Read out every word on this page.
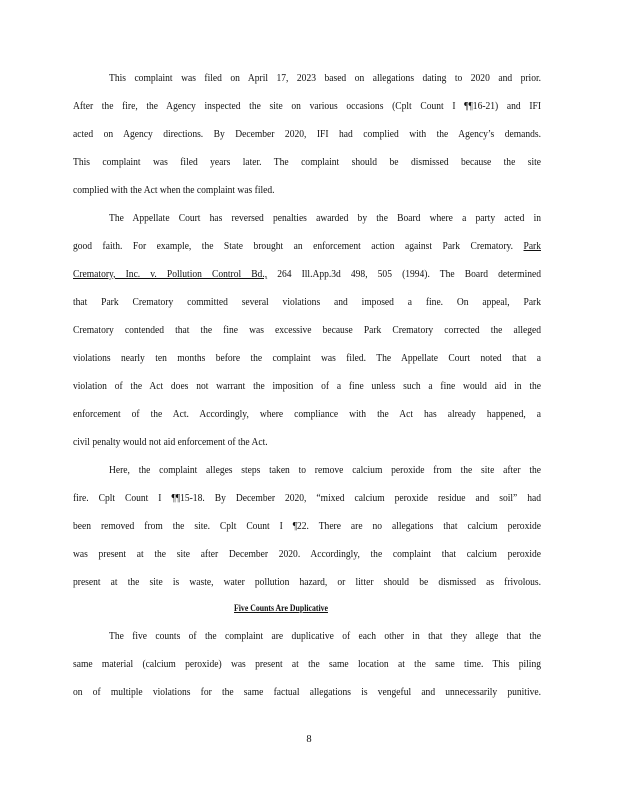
This complaint was filed on April 17, 2023 based on allegations dating to 2020 and prior.
After the fire, the Agency inspected the site on various occasions (Cplt Count I ¶¶16-21) and IFI
acted on Agency directions. By December 2020, IFI had complied with the Agency’s demands.
This complaint was filed years later. The complaint should be dismissed because the site
complied with the Act when the complaint was filed.
The Appellate Court has reversed penalties awarded by the Board where a party acted in
good faith. For example, the State brought an enforcement action against Park Crematory. Park
Crematory, Inc. v. Pollution Control Bd., 264 Ill.App.3d 498, 505 (1994). The Board determined
that Park Crematory committed several violations and imposed a fine. On appeal, Park
Crematory contended that the fine was excessive because Park Crematory corrected the alleged
violations nearly ten months before the complaint was filed. The Appellate Court noted that a
violation of the Act does not warrant the imposition of a fine unless such a fine would aid in the
enforcement of the Act. Accordingly, where compliance with the Act has already happened, a
civil penalty would not aid enforcement of the Act.
Here, the complaint alleges steps taken to remove calcium peroxide from the site after the
fire. Cplt Count I ¶¶15-18. By December 2020, “mixed calcium peroxide residue and soil” had
been removed from the site. Cplt Count I ¶22. There are no allegations that calcium peroxide
was present at the site after December 2020. Accordingly, the complaint that calcium peroxide
present at the site is waste, water pollution hazard, or litter should be dismissed as frivolous.
Five Counts Are Duplicative
The five counts of the complaint are duplicative of each other in that they allege that the
same material (calcium peroxide) was present at the same location at the same time. This piling
on of multiple violations for the same factual allegations is vengeful and unnecessarily punitive.
8
